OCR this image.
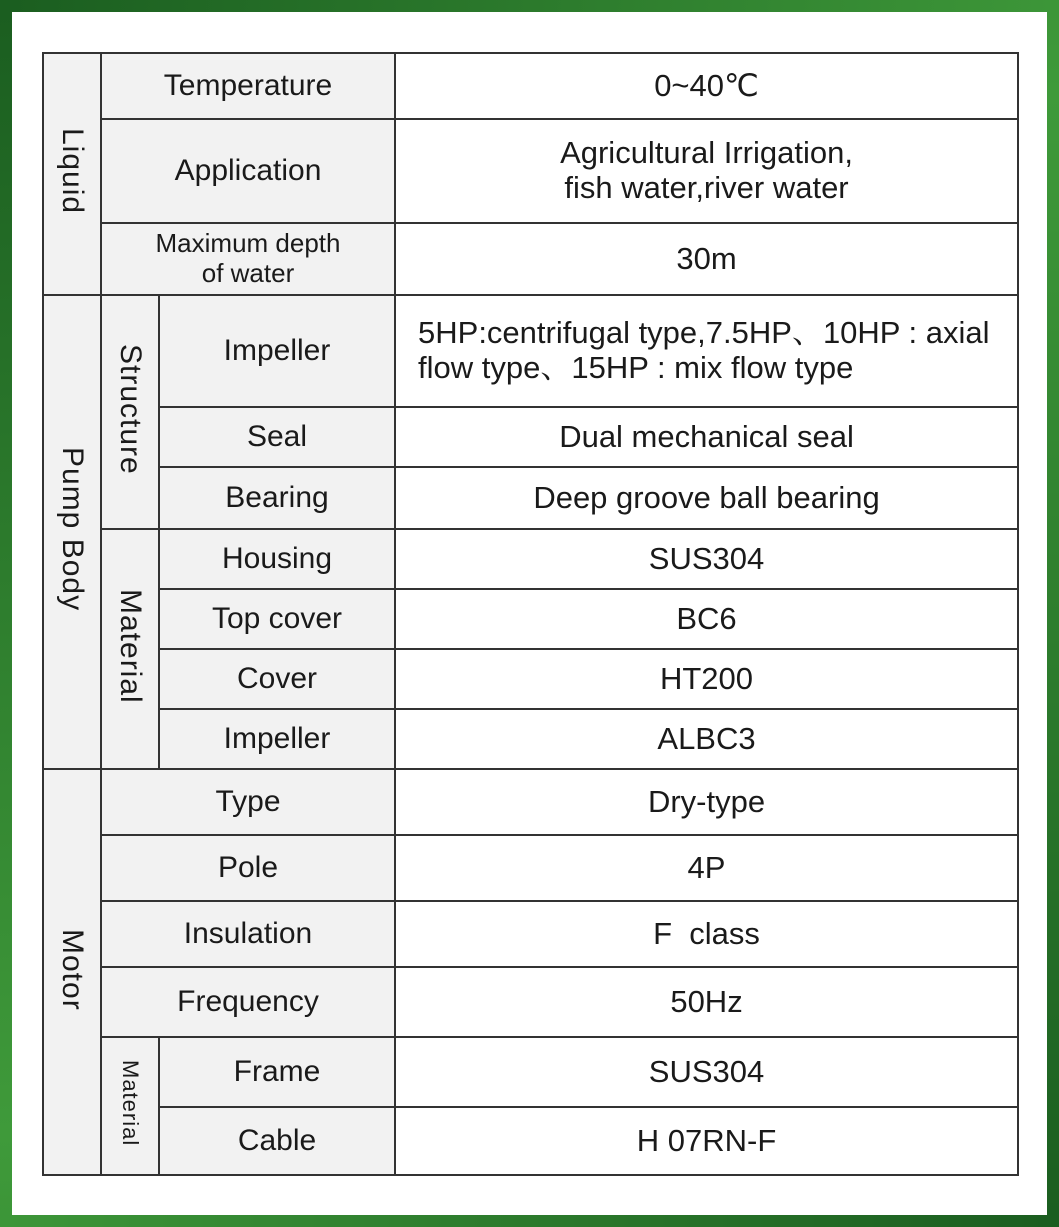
Liquid	Temperature		0~40℃
	Application		Agricultural Irrigation,
fish water,river water
	Maximum depth
of water		30m
Pump Body	Structure	Impeller	5HP:centrifugal type,7.5HP、10HP : axial
flow type、15HP : mix flow type
		Seal	Dual mechanical seal
		Bearing	Deep groove ball bearing
	Material	Housing	SUS304
		Top cover	BC6
		Cover	HT200
		Impeller	ALBC3
Motor	Type		Dry-type
	Pole		4P
	Insulation		F  class
	Frequency		50Hz
	Material	Frame	SUS304
		Cable	H 07RN-F
